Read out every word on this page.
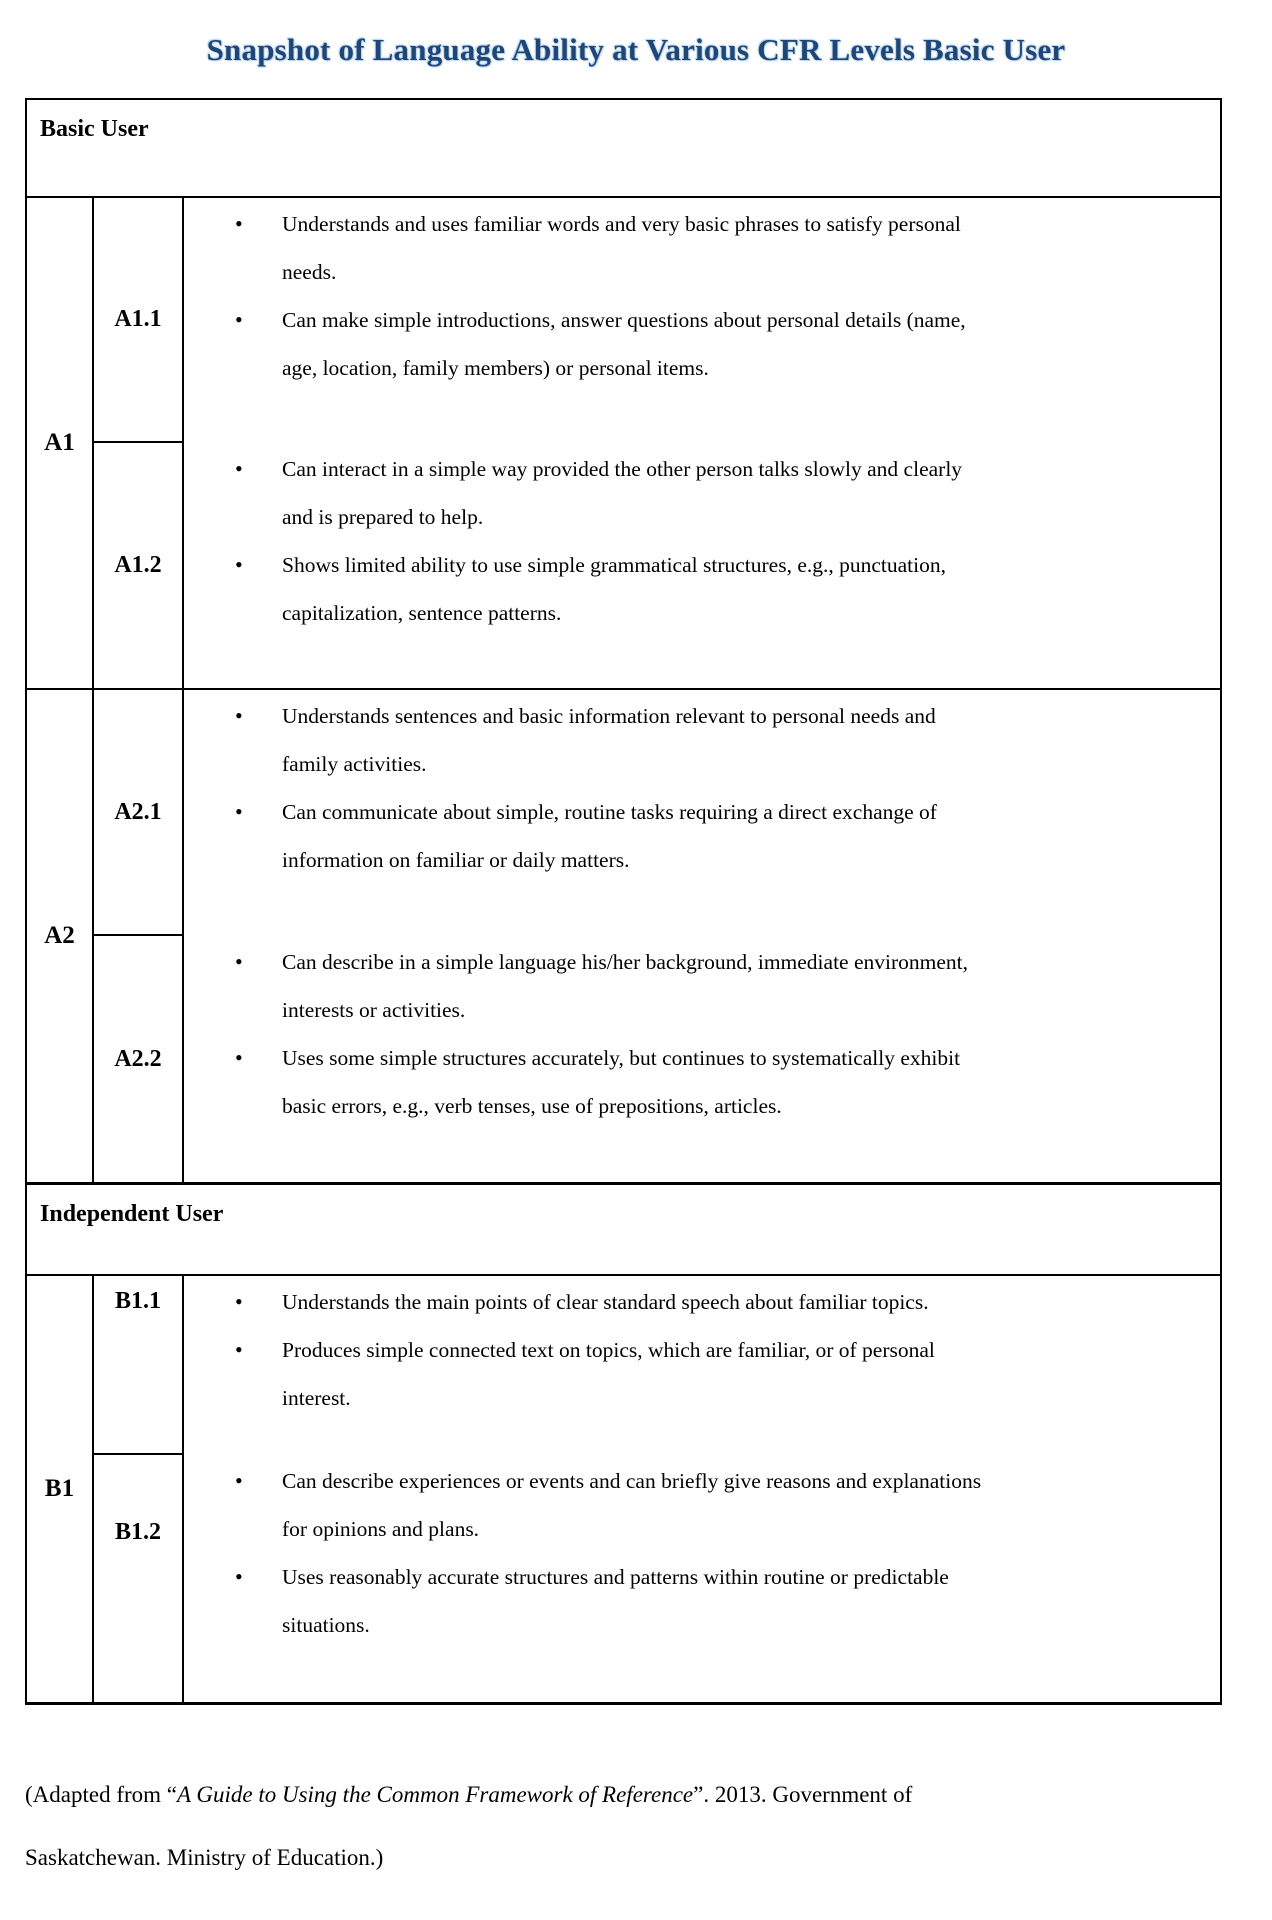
Snapshot of Language Ability at Various CFR Levels Basic User
Basic User
A1
A1.1
A1.2
• Understands and uses familiar words and very basic phrases to satisfy personal needs.
• Can make simple introductions, answer questions about personal details (name, age, location, family members) or personal items.
• Can interact in a simple way provided the other person talks slowly and clearly and is prepared to help.
• Shows limited ability to use simple grammatical structures, e.g., punctuation, capitalization, sentence patterns.
A2
A2.1
A2.2
• Understands sentences and basic information relevant to personal needs and family activities.
• Can communicate about simple, routine tasks requiring a direct exchange of information on familiar or daily matters.
• Can describe in a simple language his/her background, immediate environment, interests or activities.
• Uses some simple structures accurately, but continues to systematically exhibit basic errors, e.g., verb tenses, use of prepositions, articles.
Independent User
B1
B1.1
B1.2
• Understands the main points of clear standard speech about familiar topics.
• Produces simple connected text on topics, which are familiar, or of personal interest.
• Can describe experiences or events and can briefly give reasons and explanations for opinions and plans.
• Uses reasonably accurate structures and patterns within routine or predictable situations.
(Adapted from “A Guide to Using the Common Framework of Reference”. 2013. Government of
Saskatchewan. Ministry of Education.)
